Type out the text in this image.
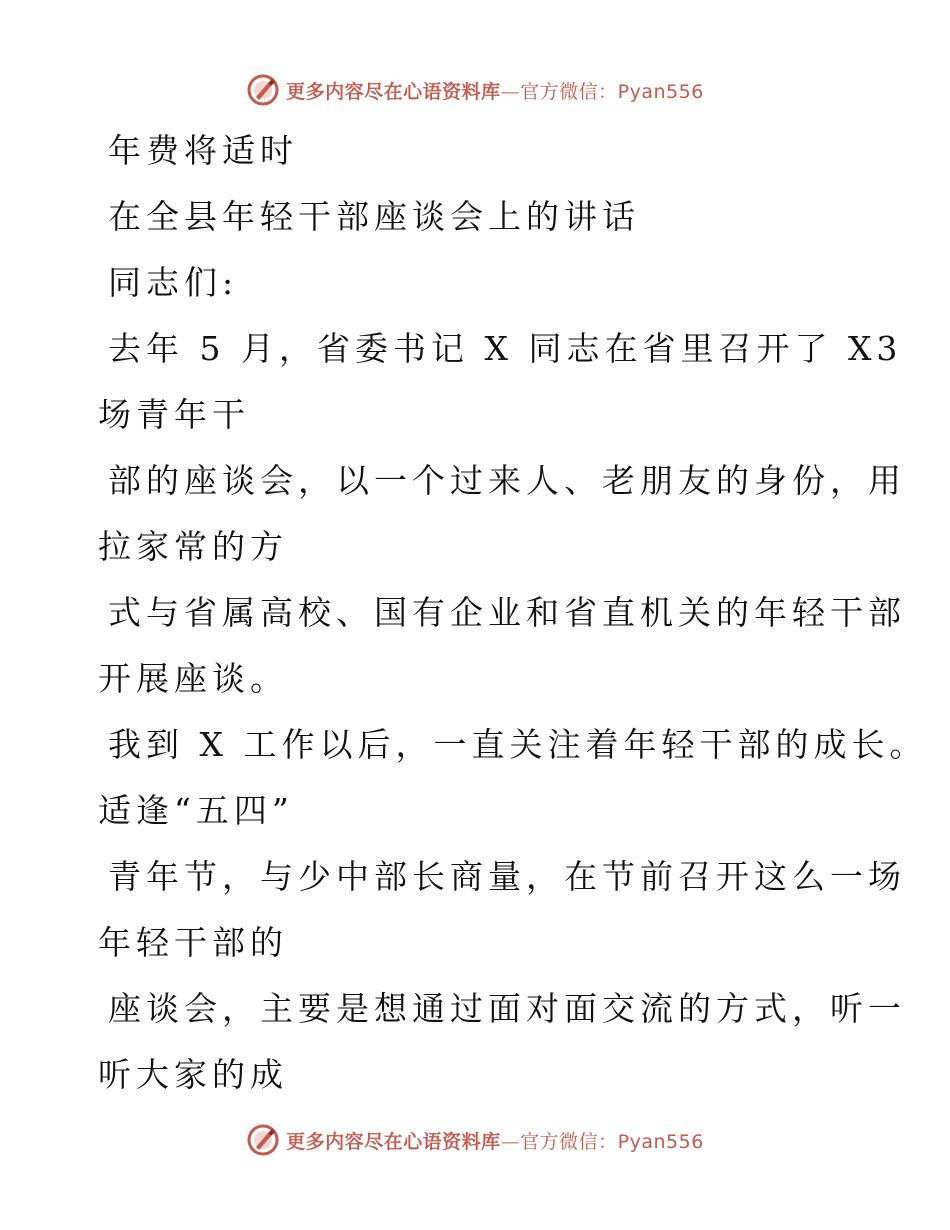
更多内容尽在心语资料库—官方微信：Pyan556
年费将适时
在全县年轻干部座谈会上的讲话
同志们:
去年 5 月，省委书记 X 同志在省里召开了 X3
场青年干
部的座谈会，以一个过来人、老朋友的身份，用
拉家常的方
式与省属高校、国有企业和省直机关的年轻干部
开展座谈。
我到 X 工作以后，一直关注着年轻干部的成长。
适逢“五四”
青年节，与少中部长商量，在节前召开这么一场
年轻干部的
座谈会，主要是想通过面对面交流的方式，听一
听大家的成
更多内容尽在心语资料库—官方微信：Pyan556
